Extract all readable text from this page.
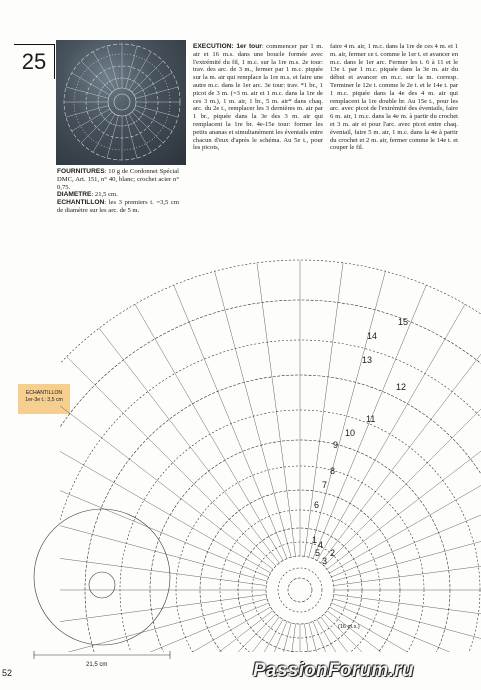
25
EXECUTION: 1er tour: commencer par 1 m. air et 16 m.s. dans une boucle formée avec l'extrémité du fil, 1 m.c. sur la 1re m.s. 2e tour: trav. des arc. de 3 m., fermer par 1 m.c. piquée sur la m. air qui remplace la 1re m.s. et faire une autre m.c. dans le 1er arc. 3e tour: trav. *1 br., 1 picot de 3 m. (=3 m. air et 1 m.c. dans la 1re de ces 3 m.), 1 m. air, 1 br., 5 m. air* dans chaq. arc. du 2e t., remplacer les 3 dernières m. air par 1 br., piquée dans la 3e des 3 m. air qui remplacent la 1re br. 4e-15e tour: former les petits ananas et simultanément les éventails entre chacun d'eux d'après le schéma. Au 5e t., pour les picots,
faire 4 m. air, 1 m.c. dans la 1re de ces 4 m. et 1 m. air, fermer ce t. comme le 1er t. et avancer en m.c. dans le 1er arc. Fermer les t. 6 à 11 et le 13e t. par 1 m.c. piquée dans la 3e m. air du début et avancer en m.c. sur la m. corresp. Terminer le 12e t. comme le 2e t. et le 14e t. par 1 m.c. piquée dans la 4e des 4 m. air qui remplacent la 1re double br. Au 15e t., pour les arc. avec picot de l'extrémité des éventails, faire 6 m. air, 1 m.c. dans la 4e m. à partir du crochet et 3 m. air et pour l'arc. avec picot entre chaq. éventail, faire 5 m. air, 1 m.c. dans la 4e à partir du crochet et 2 m. air, fermer comme le 14e t. et couper le fil.
FOURNITURES: 10 g de Cordonnet Spécial DMC, Art. 151, n° 40, blanc; crochet acier n° 0,75.
DIAMETRE: 21,5 cm.
ECHANTILLON: les 3 premiers t. =3,5 cm de diamètre sur les arc. de 5 m.
ECHANTILLON
1er-3e t.: 3,5 cm
(16 m.s.)
21,5 cm
1
2
3
4
5
6
7
8
9
10
11
12
13
14
15
52	PassionForum.ru
